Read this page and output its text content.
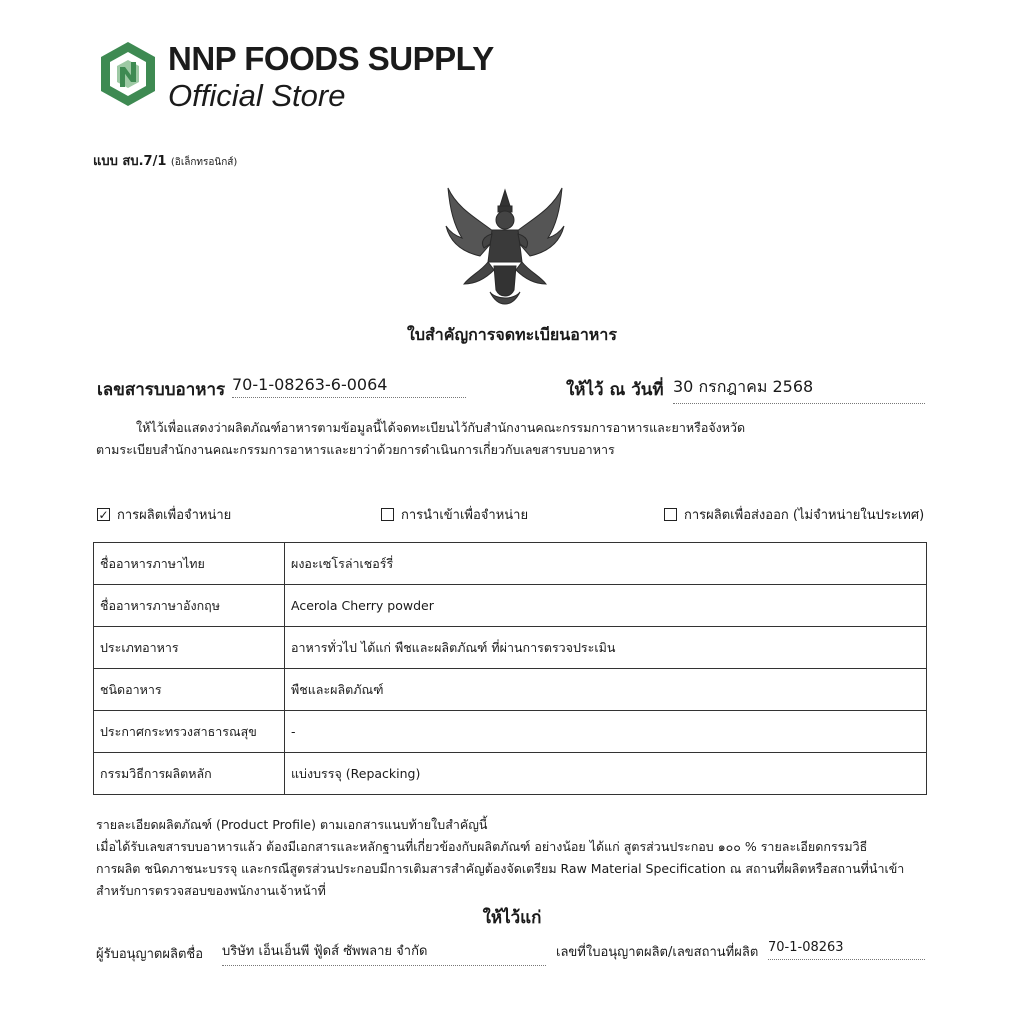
NNP FOODS SUPPLY
Official Store
แบบ สบ.7/1 (อิเล็กทรอนิกส์)
ใบสำคัญการจดทะเบียนอาหาร
เลขสารบบอาหาร 70-1-08263-6-0064	ให้ไว้ ณ วันที่ 30 กรกฎาคม 2568
ให้ไว้เพื่อแสดงว่าผลิตภัณฑ์อาหารตามข้อมูลนี้ได้จดทะเบียนไว้กับสำนักงานคณะกรรมการอาหารและยาหรือจังหวัด
ตามระเบียบสำนักงานคณะกรรมการอาหารและยาว่าด้วยการดำเนินการเกี่ยวกับเลขสารบบอาหาร
✓ การผลิตเพื่อจำหน่าย	การนำเข้าเพื่อจำหน่าย	การผลิตเพื่อส่งออก (ไม่จำหน่ายในประเทศ)
ชื่ออาหารภาษาไทย	ผงอะเซโรล่าเชอร์รี่
ชื่ออาหารภาษาอังกฤษ	Acerola Cherry powder
ประเภทอาหาร	อาหารทั่วไป ได้แก่ พืชและผลิตภัณฑ์ ที่ผ่านการตรวจประเมิน
ชนิดอาหาร	พืชและผลิตภัณฑ์
ประกาศกระทรวงสาธารณสุข	-
กรรมวิธีการผลิตหลัก	แบ่งบรรจุ (Repacking)
รายละเอียดผลิตภัณฑ์ (Product Profile) ตามเอกสารแนบท้ายใบสำคัญนี้
เมื่อได้รับเลขสารบบอาหารแล้ว ต้องมีเอกสารและหลักฐานที่เกี่ยวข้องกับผลิตภัณฑ์ อย่างน้อย ได้แก่ สูตรส่วนประกอบ ๑๐๐ % รายละเอียดกรรมวิธี
การผลิต ชนิดภาชนะบรรจุ และกรณีสูตรส่วนประกอบมีการเติมสารสำคัญต้องจัดเตรียม Raw Material Specification ณ สถานที่ผลิตหรือสถานที่นำเข้า
สำหรับการตรวจสอบของพนักงานเจ้าหน้าที่
ให้ไว้แก่
ผู้รับอนุญาตผลิตชื่อ บริษัท เอ็นเอ็นพี ฟู้ดส์ ซัพพลาย จำกัด	เลขที่ใบอนุญาตผลิต/เลขสถานที่ผลิต 70-1-08263
